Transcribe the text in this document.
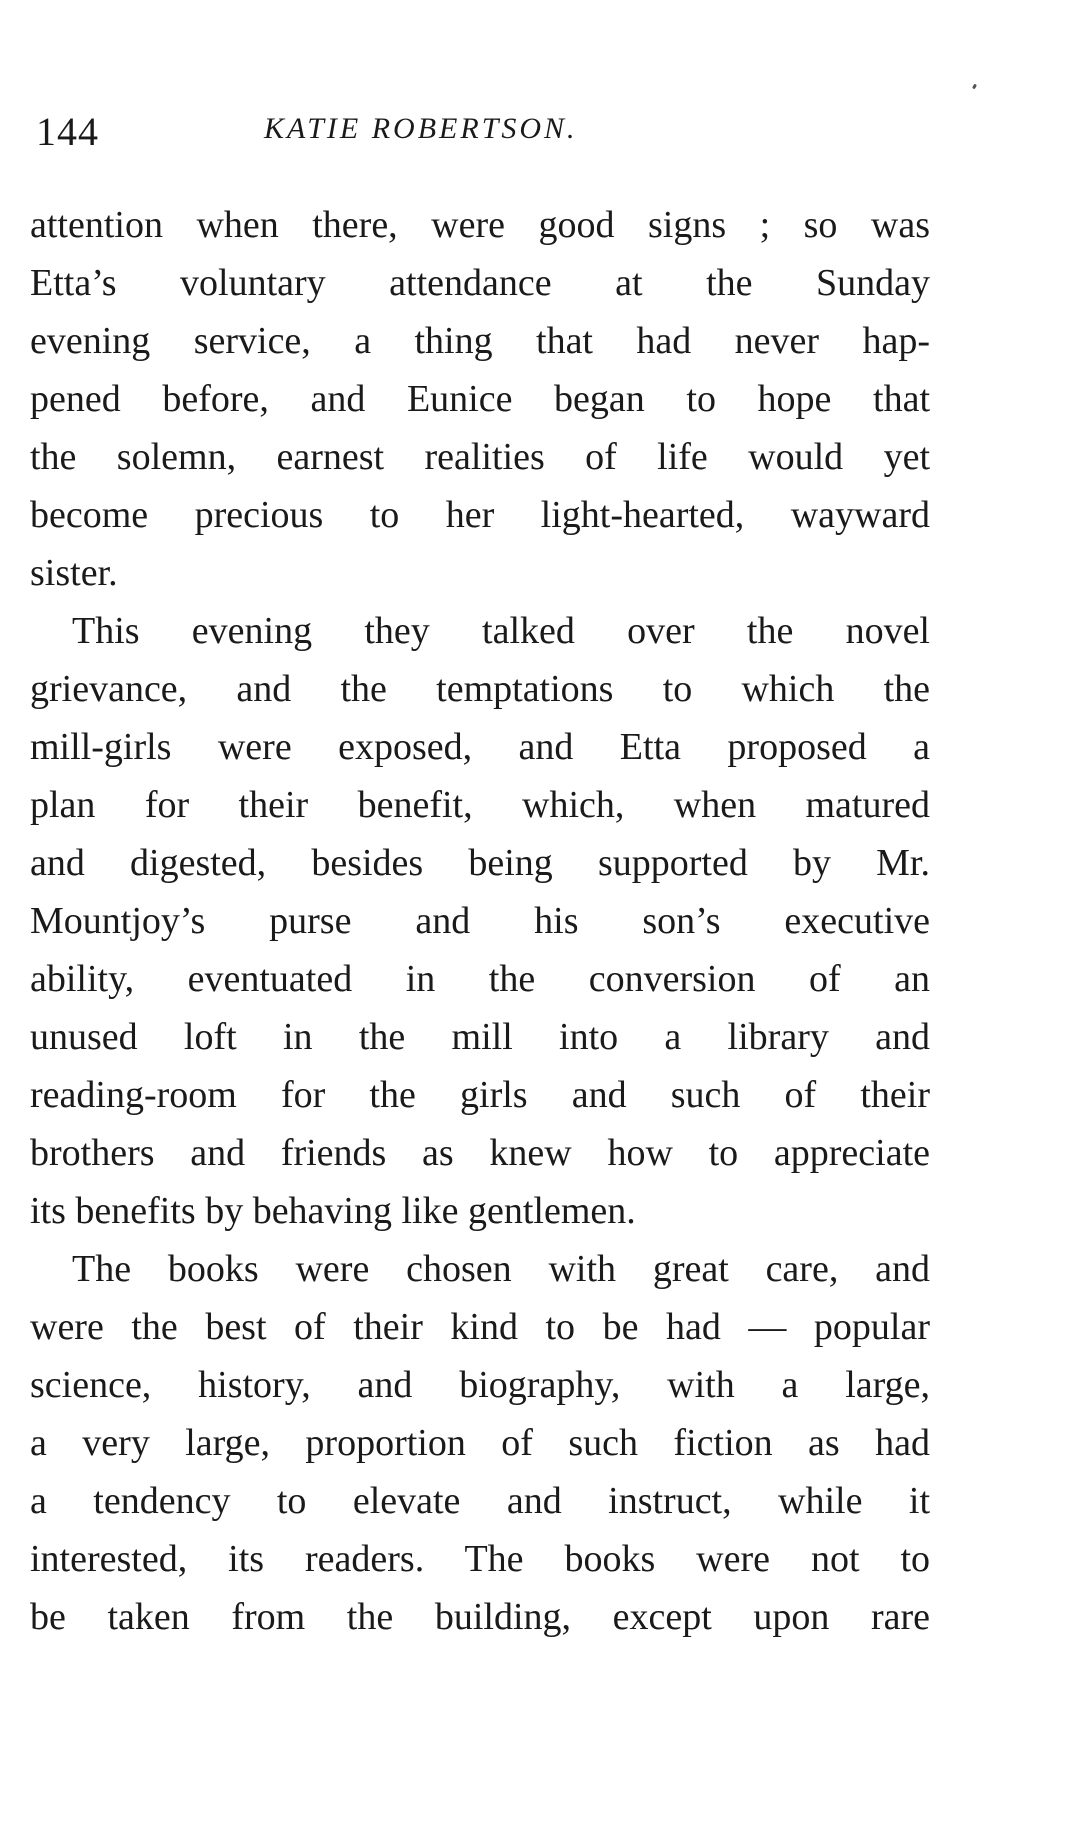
144	KATIE ROBERTSON.
attention when there, were good signs ; so was
Etta’s voluntary attendance at the Sunday
evening service, a thing that had never hap-
pened before, and Eunice began to hope that
the solemn, earnest realities of life would yet
become precious to her light-hearted, wayward
sister.
This evening they talked over the novel
grievance, and the temptations to which the
mill-girls were exposed, and Etta proposed a
plan for their benefit, which, when matured
and digested, besides being supported by Mr.
Mountjoy’s purse and his son’s executive
ability, eventuated in the conversion of an
unused loft in the mill into a library and
reading-room for the girls and such of their
brothers and friends as knew how to appreciate
its benefits by behaving like gentlemen.
The books were chosen with great care, and
were the best of their kind to be had — popular
science, history, and biography, with a large,
a very large, proportion of such fiction as had
a tendency to elevate and instruct, while it
interested, its readers. The books were not to
be taken from the building, except upon rare
